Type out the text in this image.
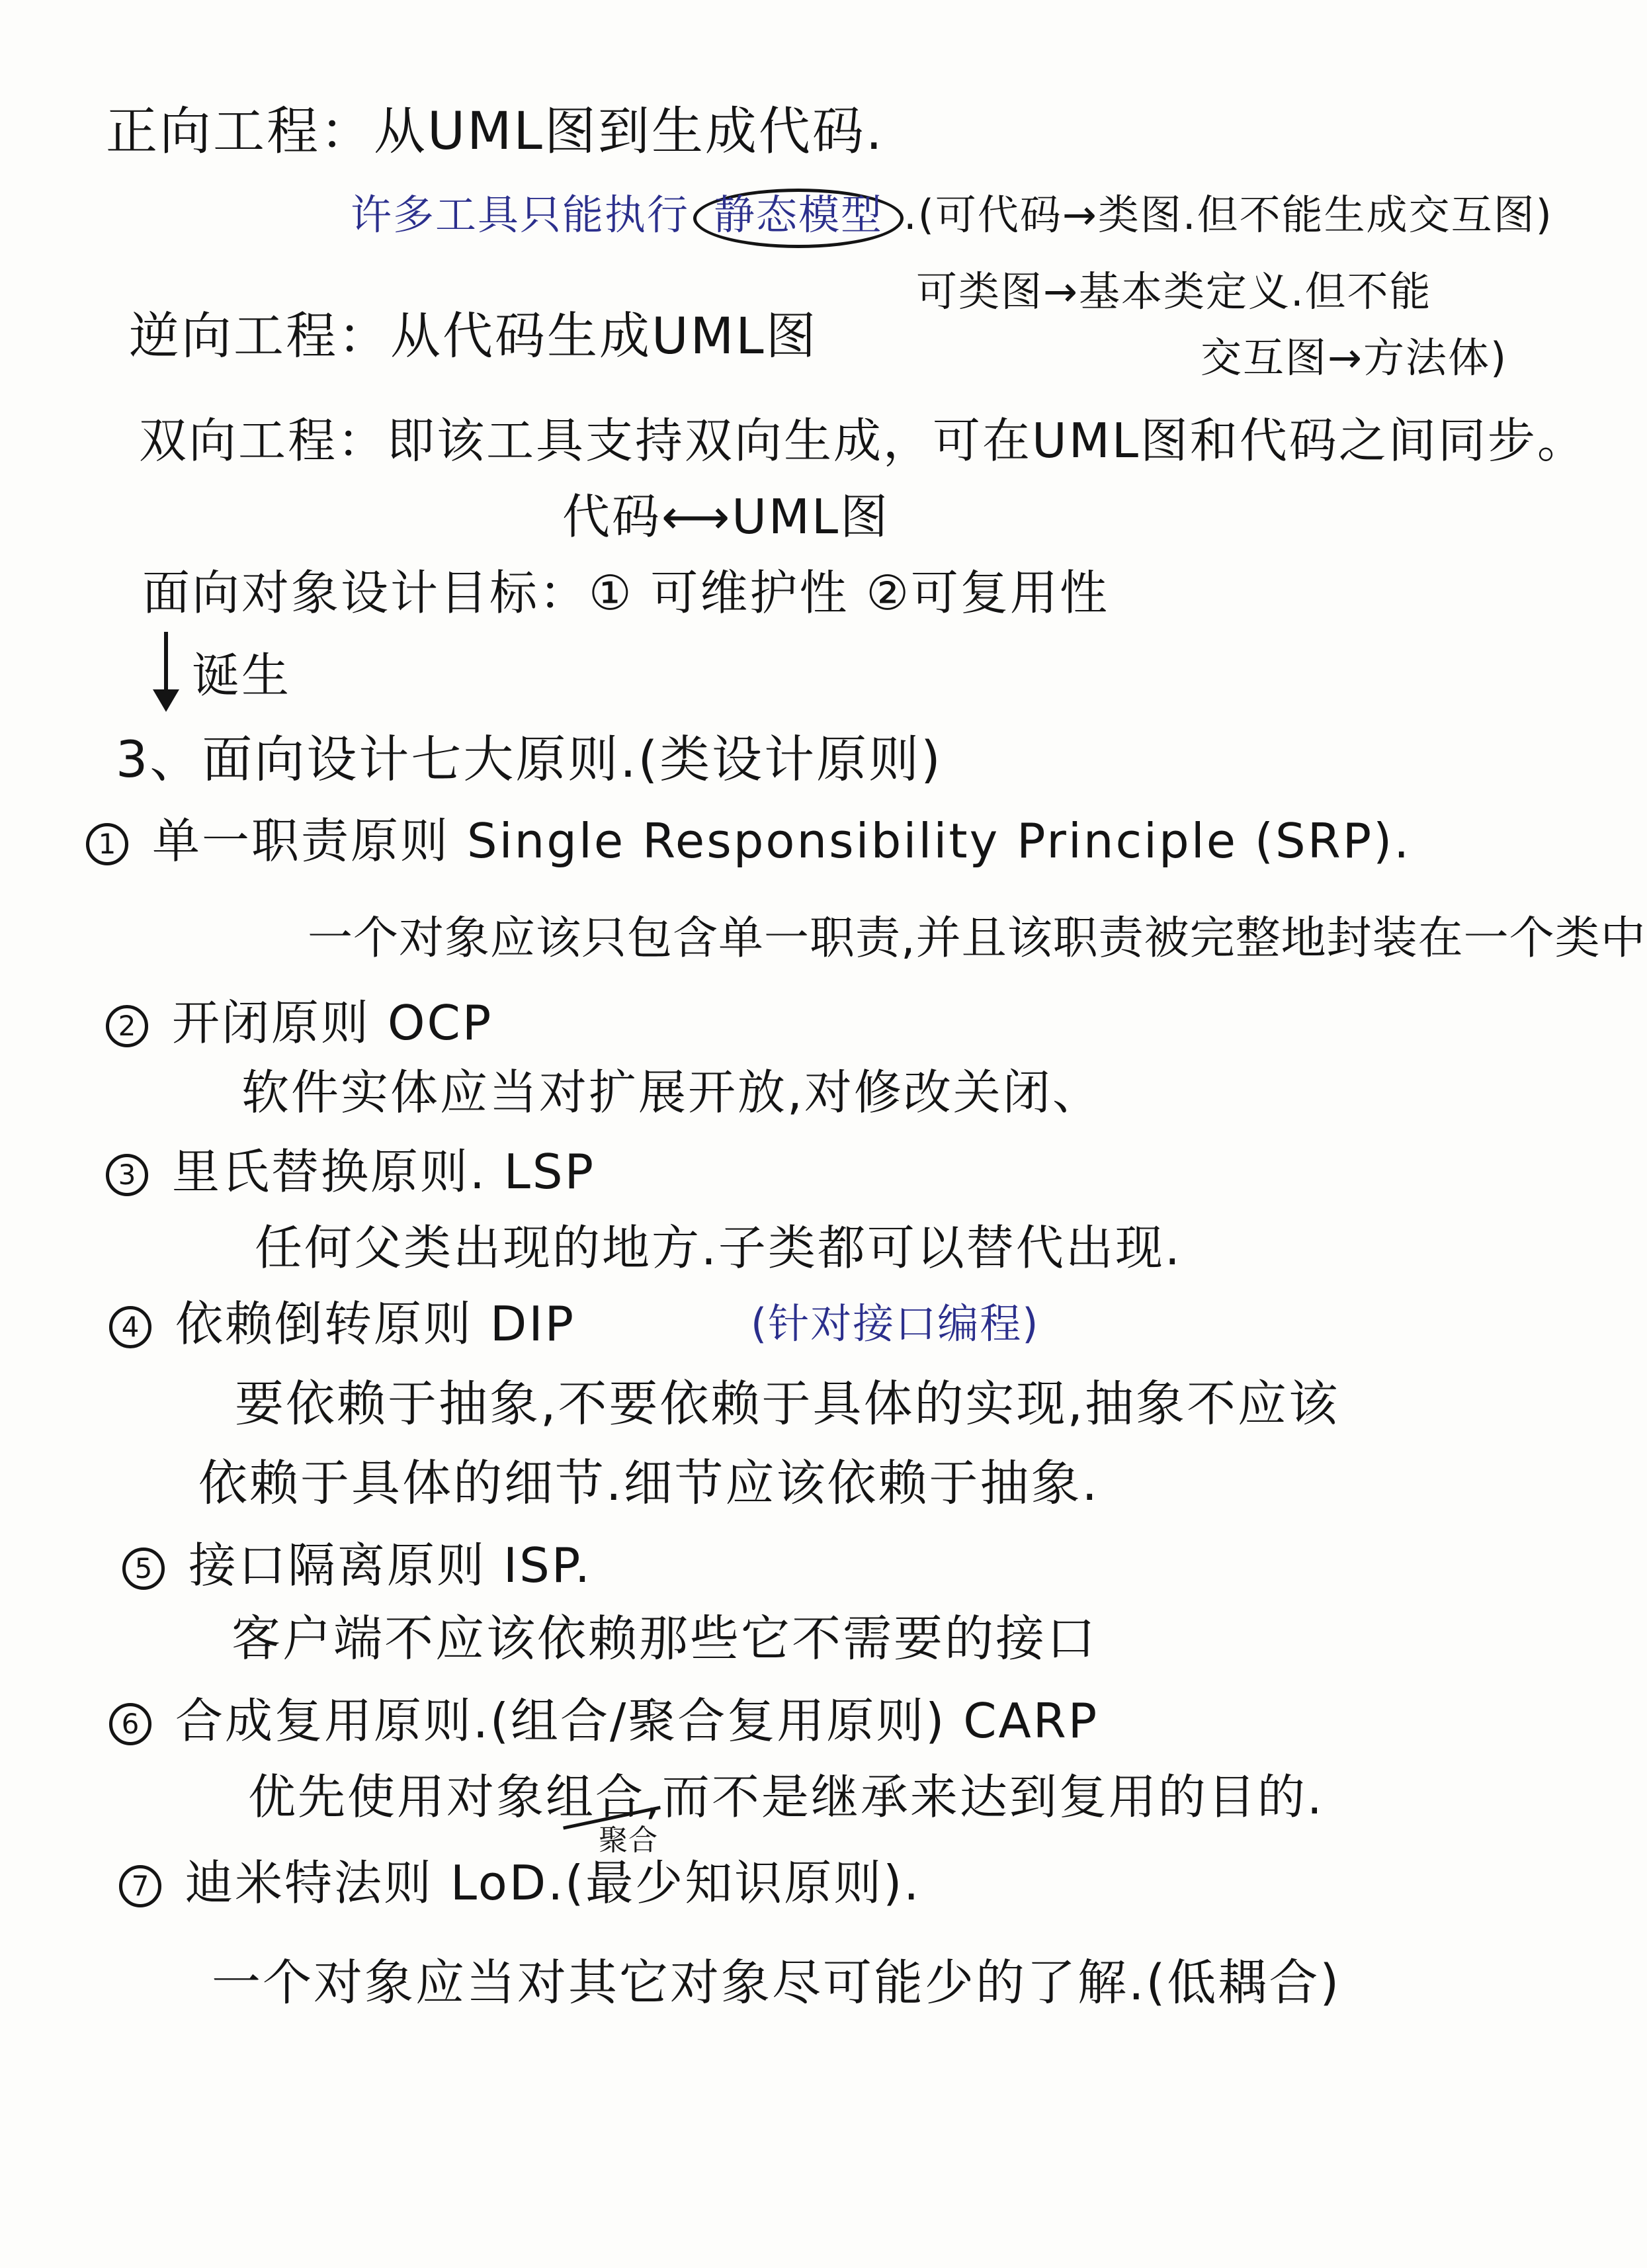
正向工程：从UML图到生成代码.
许多工具只能执行 静态模型 .(可代码→类图.但不能生成交互图)
可类图→基本类定义.但不能
逆向工程：从代码生成UML图	交互图→方法体)
双向工程：即该工具支持双向生成，可在UML图和代码之间同步。
代码⟷UML图
面向对象设计目标：① 可维护性 ②可复用性
诞生
3、面向设计七大原则.(类设计原则)
1 单一职责原则 Single Responsibility Principle (SRP).
一个对象应该只包含单一职责,并且该职责被完整地封装在一个类中
2 开闭原则 OCP
软件实体应当对扩展开放,对修改关闭、
3 里氏替换原则. LSP
任何父类出现的地方.子类都可以替代出现.
4 依赖倒转原则 DIP	(针对接口编程)
要依赖于抽象,不要依赖于具体的实现,抽象不应该
依赖于具体的细节.细节应该依赖于抽象.
5 接口隔离原则 ISP.
客户端不应该依赖那些它不需要的接口
6 合成复用原则.(组合/聚合复用原则) CARP
优先使用对象组合,而不是继承来达到复用的目的.
聚合
7 迪米特法则 LoD.(最少知识原则).
一个对象应当对其它对象尽可能少的了解.(低耦合)
